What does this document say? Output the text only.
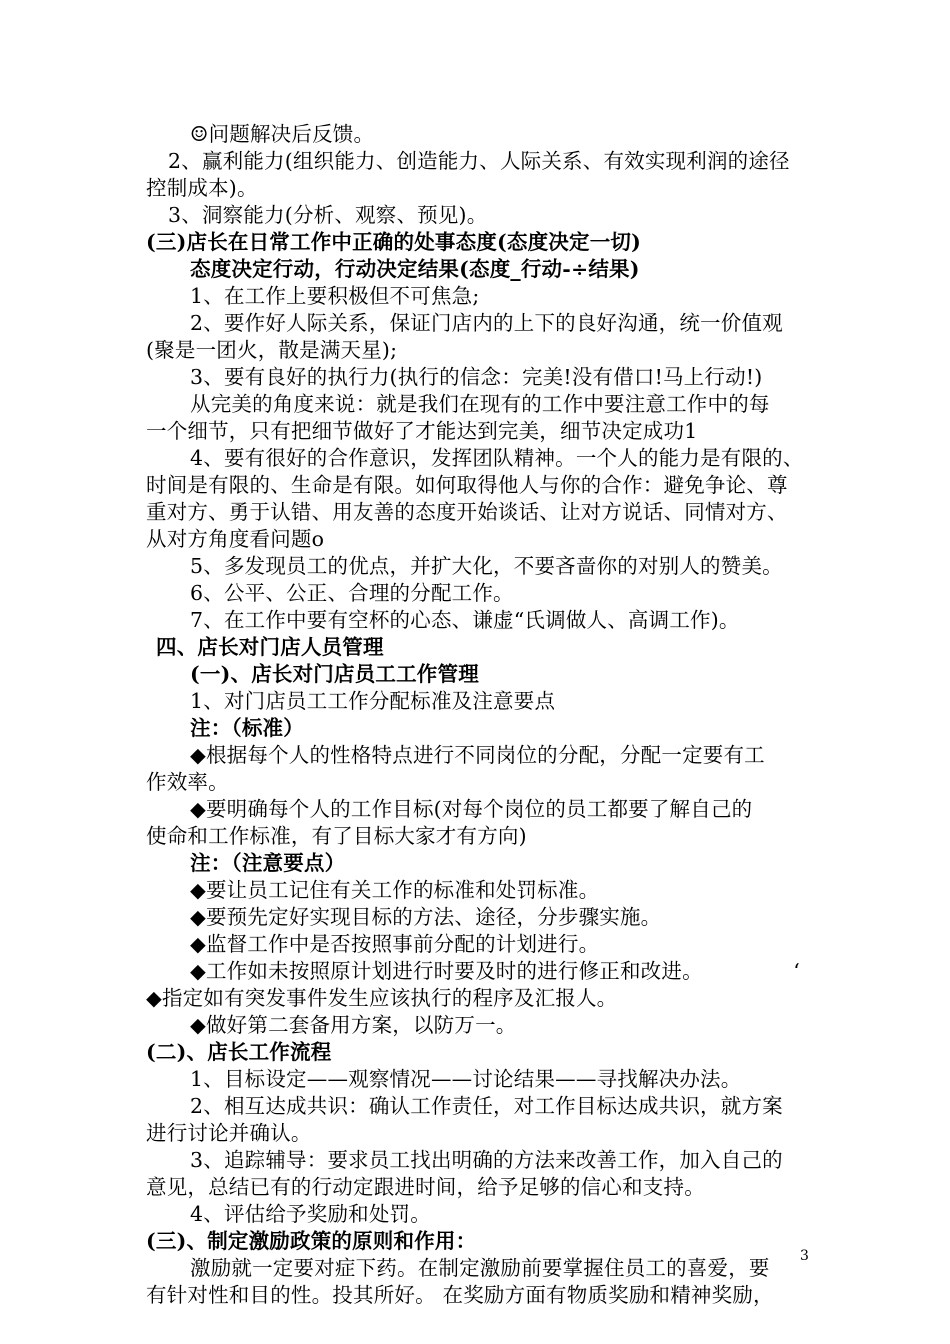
☺问题解决后反馈。
2、赢利能力(组织能力、创造能力、人际关系、有效实现利润的途径
控制成本)。
3、洞察能力(分析、观察、预见)。
(三)店长在日常工作中正确的处事态度(态度决定一切)
态度决定行动，行动决定结果(态度_行动-÷结果)
1、在工作上要积极但不可焦急;
2、要作好人际关系，保证门店内的上下的良好沟通，统一价值观
(聚是一团火，散是满天星);
3、要有良好的执行力(执行的信念：完美!没有借口!马上行动!)
从完美的角度来说：就是我们在现有的工作中要注意工作中的每
一个细节，只有把细节做好了才能达到完美，细节决定成功1
4、要有很好的合作意识，发挥团队精神。一个人的能力是有限的、
时间是有限的、生命是有限。如何取得他人与你的合作：避免争论、尊
重对方、勇于认错、用友善的态度开始谈话、让对方说话、同情对方、
从对方角度看问题o
5、多发现员工的优点，并扩大化，不要吝啬你的对别人的赞美。
6、公平、公正、合理的分配工作。
7、在工作中要有空杯的心态、谦虚“氏调做人、高调工作)。
四、店长对门店人员管理
(一)、店长对门店员工工作管理
1、对门店员工工作分配标准及注意要点
注：（标准）
◆根据每个人的性格特点进行不同岗位的分配，分配一定要有工
作效率。
◆要明确每个人的工作目标(对每个岗位的员工都要了解自己的
使命和工作标准，有了目标大家才有方向)
注：（注意要点）
◆要让员工记住有关工作的标准和处罚标准。
◆要预先定好实现目标的方法、途径，分步骤实施。
◆监督工作中是否按照事前分配的计划进行。
◆工作如未按照原计划进行时要及时的进行修正和改进。	‘
◆指定如有突发事件发生应该执行的程序及汇报人。
◆做好第二套备用方案，以防万一。
(二)、店长工作流程
1、目标设定——观察情况——讨论结果——寻找解决办法。
2、相互达成共识：确认工作责任，对工作目标达成共识，就方案
进行讨论并确认。
3、追踪辅导：要求员工找出明确的方法来改善工作，加入自己的
意见，总结已有的行动定跟进时间，给予足够的信心和支持。
4、评估给予奖励和处罚。
(三)、制定激励政策的原则和作用：
激励就一定要对症下药。在制定激励前要掌握住员工的喜爱，要
有针对性和目的性。投其所好。 在奖励方面有物质奖励和精神奖励，
3
